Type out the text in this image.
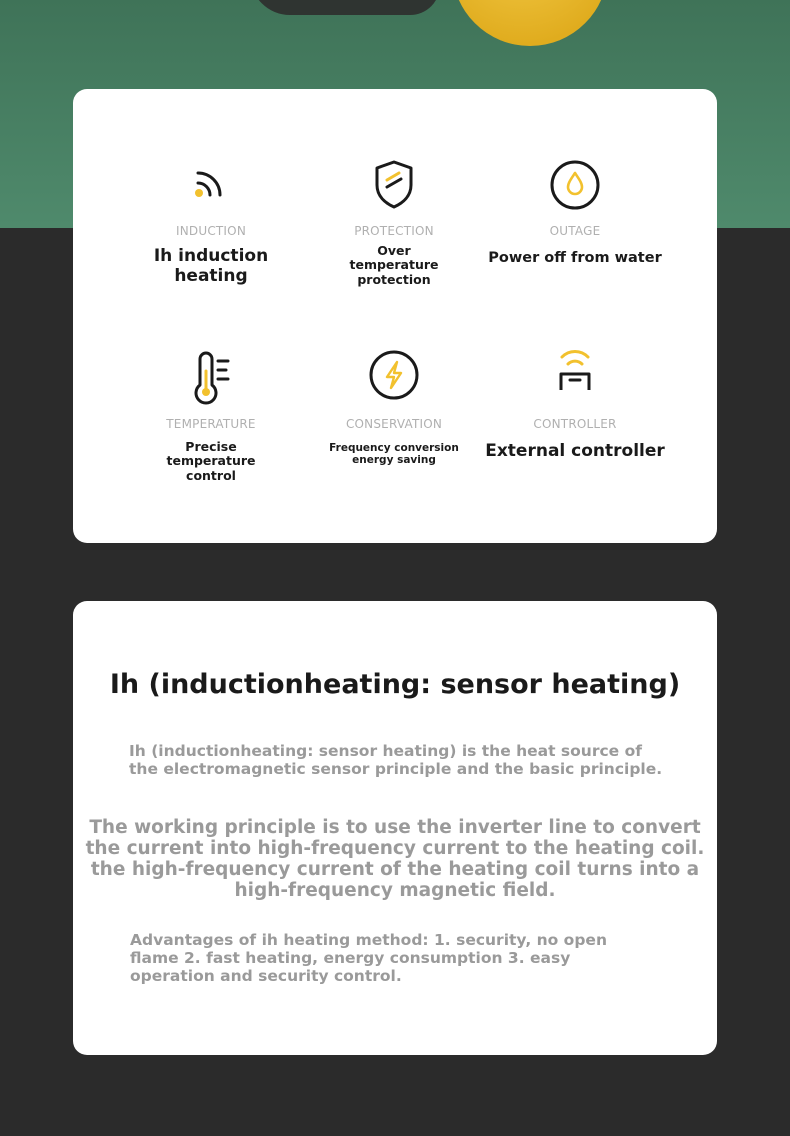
INDUCTION
Ih induction heating
PROTECTION
Over temperature protection
OUTAGE
Power off from water
TEMPERATURE
Precise temperature control
CONSERVATION
Frequency conversion energy saving
CONTROLLER
External controller
Ih (inductionheating: sensor heating)
Ih (inductionheating: sensor heating) is the heat source of the electromagnetic sensor principle and the basic principle.
The working principle is to use the inverter line to convert the current into high-frequency current to the heating coil. the high-frequency current of the heating coil turns into a high-frequency magnetic field.
Advantages of ih heating method: 1. security, no open flame 2. fast heating, energy consumption 3. easy operation and security control.
